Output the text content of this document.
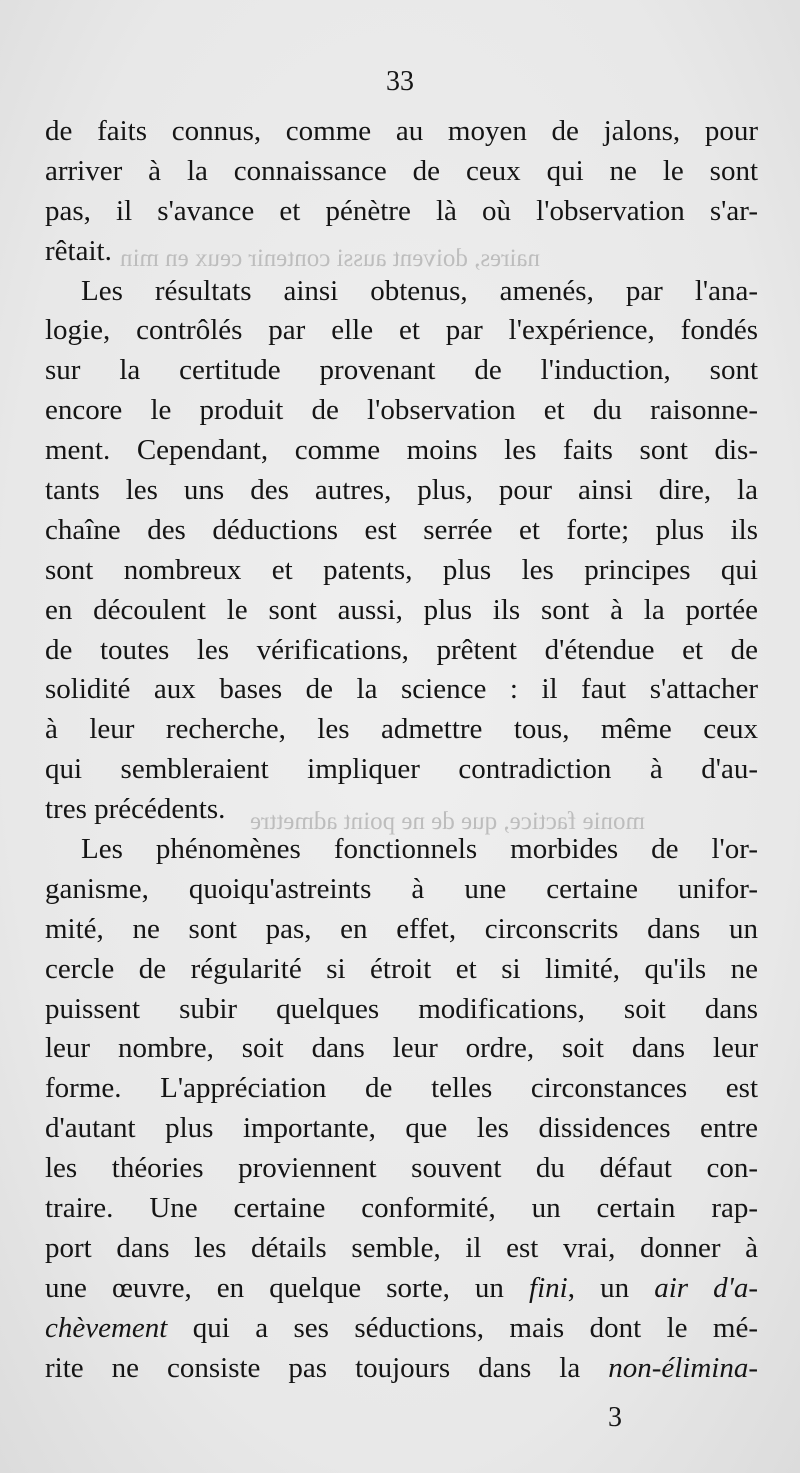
naires, doivent aussi contenir ceux en min
monie factice, que de ne point admettre
33
de faits connus, comme au moyen de jalons, pour
arriver à la connaissance de ceux qui ne le sont
pas, il s'avance et pénètre là où l'observation s'ar-
rêtait.
Les résultats ainsi obtenus, amenés, par l'ana-
logie, contrôlés par elle et par l'expérience, fondés
sur la certitude provenant de l'induction, sont
encore le produit de l'observation et du raisonne-
ment. Cependant, comme moins les faits sont dis-
tants les uns des autres, plus, pour ainsi dire, la
chaîne des déductions est serrée et forte; plus ils
sont nombreux et patents, plus les principes qui
en découlent le sont aussi, plus ils sont à la portée
de toutes les vérifications, prêtent d'étendue et de
solidité aux bases de la science : il faut s'attacher
à leur recherche, les admettre tous, même ceux
qui sembleraient impliquer contradiction à d'au-
tres précédents.
Les phénomènes fonctionnels morbides de l'or-
ganisme, quoiqu'astreints à une certaine unifor-
mité, ne sont pas, en effet, circonscrits dans un
cercle de régularité si étroit et si limité, qu'ils ne
puissent subir quelques modifications, soit dans
leur nombre, soit dans leur ordre, soit dans leur
forme. L'appréciation de telles circonstances est
d'autant plus importante, que les dissidences entre
les théories proviennent souvent du défaut con-
traire. Une certaine conformité, un certain rap-
port dans les détails semble, il est vrai, donner à
une œuvre, en quelque sorte, un fini, un air d'a-
chèvement qui a ses séductions, mais dont le mé-
rite ne consiste pas toujours dans la non-élimina-
3
